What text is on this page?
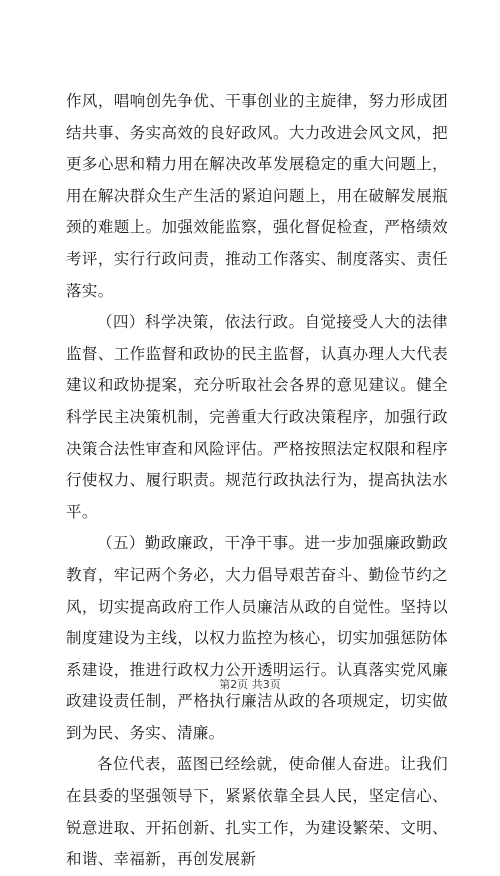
作风，唱响创先争优、干事创业的主旋律，努力形成团结共事、务实高效的良好政风。大力改进会风文风，把更多心思和精力用在解决改革发展稳定的重大问题上，用在解决群众生产生活的紧迫问题上，用在破解发展瓶颈的难题上。加强效能监察，强化督促检查，严格绩效考评，实行行政问责，推动工作落实、制度落实、责任落实。

（四）科学决策，依法行政。自觉接受人大的法律监督、工作监督和政协的民主监督，认真办理人大代表建议和政协提案，充分听取社会各界的意见建议。健全科学民主决策机制，完善重大行政决策程序，加强行政决策合法性审查和风险评估。严格按照法定权限和程序行使权力、履行职责。规范行政执法行为，提高执法水平。

（五）勤政廉政，干净干事。进一步加强廉政勤政教育，牢记两个务必，大力倡导艰苦奋斗、勤俭节约之风，切实提高政府工作人员廉洁从政的自觉性。坚持以制度建设为主线，以权力监控为核心，切实加强惩防体系建设，推进行政权力公开透明运行。认真落实党风廉政建设责任制，严格执行廉洁从政的各项规定，切实做到为民、务实、清廉。

各位代表，蓝图已经绘就，使命催人奋进。让我们在县委的坚强领导下，紧紧依靠全县人民，坚定信心、锐意进取、开拓创新、扎实工作，为建设繁荣、文明、和谐、幸福新，再创发展新

第2页 共3页
